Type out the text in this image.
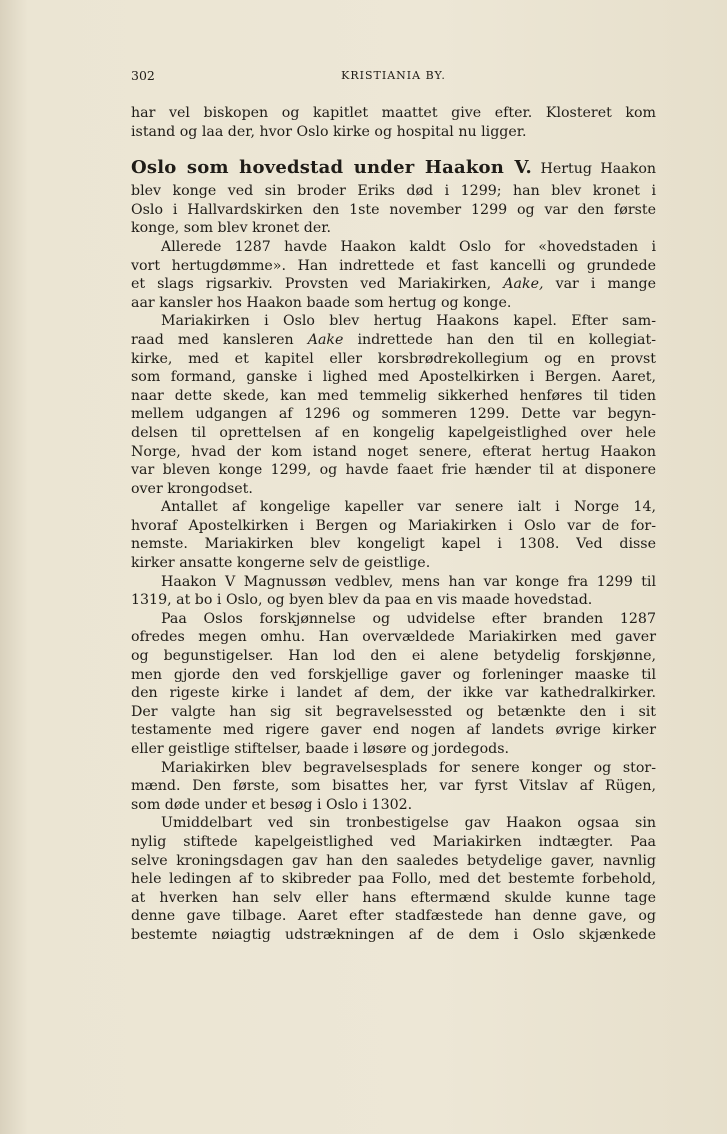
302	KRISTIANIA BY.
har vel biskopen og kapitlet maattet give efter. Klosteret kom
istand og laa der, hvor Oslo kirke og hospital nu ligger.
Oslo som hovedstad under Haakon V. Hertug Haakon
blev konge ved sin broder Eriks død i 1299; han blev kronet i
Oslo i Hallvardskirken den 1ste november 1299 og var den første
konge, som blev kronet der.
Allerede 1287 havde Haakon kaldt Oslo for «hovedstaden i
vort hertugdømme». Han indrettede et fast kancelli og grundede
et slags rigsarkiv. Provsten ved Mariakirken, Aake, var i mange
aar kansler hos Haakon baade som hertug og konge.
Mariakirken i Oslo blev hertug Haakons kapel. Efter sam-
raad med kansleren Aake indrettede han den til en kollegiat-
kirke, med et kapitel eller korsbrødrekollegium og en provst
som formand, ganske i lighed med Apostelkirken i Bergen. Aaret,
naar dette skede, kan med temmelig sikkerhed henføres til tiden
mellem udgangen af 1296 og sommeren 1299. Dette var begyn-
delsen til oprettelsen af en kongelig kapelgeistlighed over hele
Norge, hvad der kom istand noget senere, efterat hertug Haakon
var bleven konge 1299, og havde faaet frie hænder til at disponere
over krongodset.
Antallet af kongelige kapeller var senere ialt i Norge 14,
hvoraf Apostelkirken i Bergen og Mariakirken i Oslo var de for-
nemste. Mariakirken blev kongeligt kapel i 1308. Ved disse
kirker ansatte kongerne selv de geistlige.
Haakon V Magnussøn vedblev, mens han var konge fra 1299 til
1319, at bo i Oslo, og byen blev da paa en vis maade hovedstad.
Paa Oslos forskjønnelse og udvidelse efter branden 1287
ofredes megen omhu. Han overvældede Mariakirken med gaver
og begunstigelser. Han lod den ei alene betydelig forskjønne,
men gjorde den ved forskjellige gaver og forleninger maaske til
den rigeste kirke i landet af dem, der ikke var kathedralkirker.
Der valgte han sig sit begravelsessted og betænkte den i sit
testamente med rigere gaver end nogen af landets øvrige kirker
eller geistlige stiftelser, baade i løsøre og jordegods.
Mariakirken blev begravelsesplads for senere konger og stor-
mænd. Den første, som bisattes her, var fyrst Vitslav af Rügen,
som døde under et besøg i Oslo i 1302.
Umiddelbart ved sin tronbestigelse gav Haakon ogsaa sin
nylig stiftede kapelgeistlighed ved Mariakirken indtægter. Paa
selve kroningsdagen gav han den saaledes betydelige gaver, navnlig
hele ledingen af to skibreder paa Follo, med det bestemte forbehold,
at hverken han selv eller hans eftermænd skulde kunne tage
denne gave tilbage. Aaret efter stadfæstede han denne gave, og
bestemte nøiagtig udstrækningen af de dem i Oslo skjænkede
